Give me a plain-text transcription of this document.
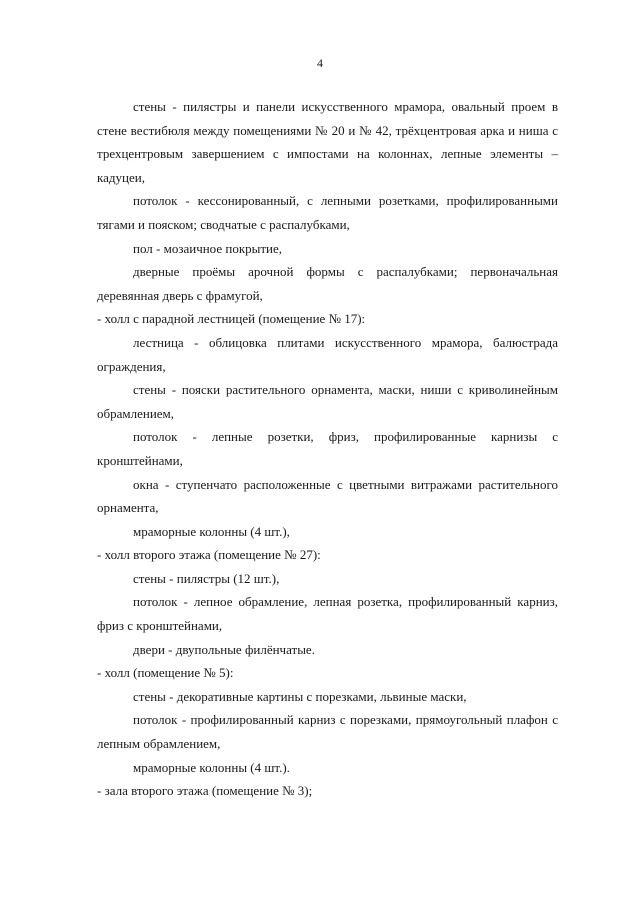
4

стены - пилястры и панели искусственного мрамора, овальный проем в стене вестибюля между помещениями № 20 и № 42, трёхцентровая арка и ниша с трехцентровым завершением с импостами на колоннах, лепные элементы – кадуцеи,

потолок - кессонированный, с лепными розетками, профилированными тягами и пояском; сводчатые с распалубками,

пол - мозаичное покрытие,

дверные проёмы арочной формы с распалубками; первоначальная деревянная дверь с фрамугой,

- холл с парадной лестницей (помещение № 17):

лестница - облицовка плитами искусственного мрамора, балюстрада ограждения,

стены - пояски растительного орнамента, маски, ниши с криволинейным обрамлением,

потолок - лепные розетки, фриз, профилированные карнизы с кронштейнами,

окна - ступенчато расположенные с цветными витражами растительного орнамента,

мраморные колонны (4 шт.),

- холл второго этажа (помещение № 27):

стены - пилястры (12 шт.),

потолок - лепное обрамление, лепная розетка, профилированный карниз, фриз с кронштейнами,

двери - двупольные филёнчатые.

- холл (помещение № 5):

стены - декоративные картины с порезками, львиные маски,

потолок - профилированный карниз с порезками, прямоугольный плафон с лепным обрамлением,

мраморные колонны (4 шт.).

- зала второго этажа (помещение № 3);
